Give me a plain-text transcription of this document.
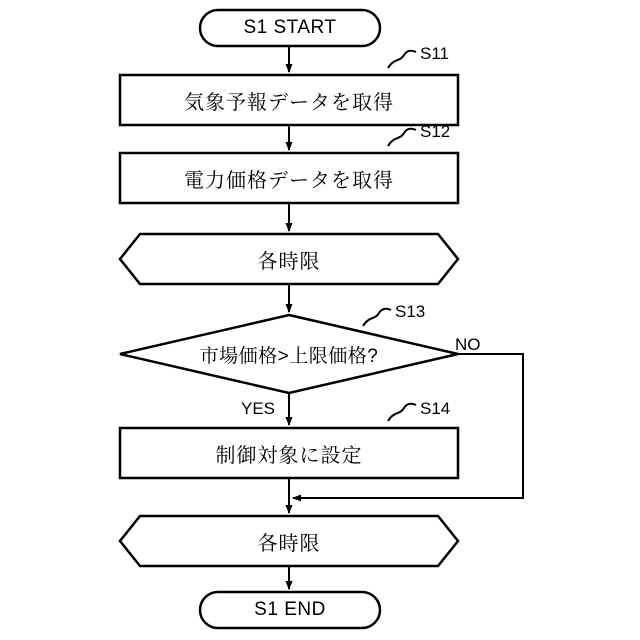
S1 START
気象予報データを取得
電力価格データを取得
各時限
市場価格>上限価格?
制御対象に設定
各時限
S1 END
S11
S12
S13
S14
YES
NO
